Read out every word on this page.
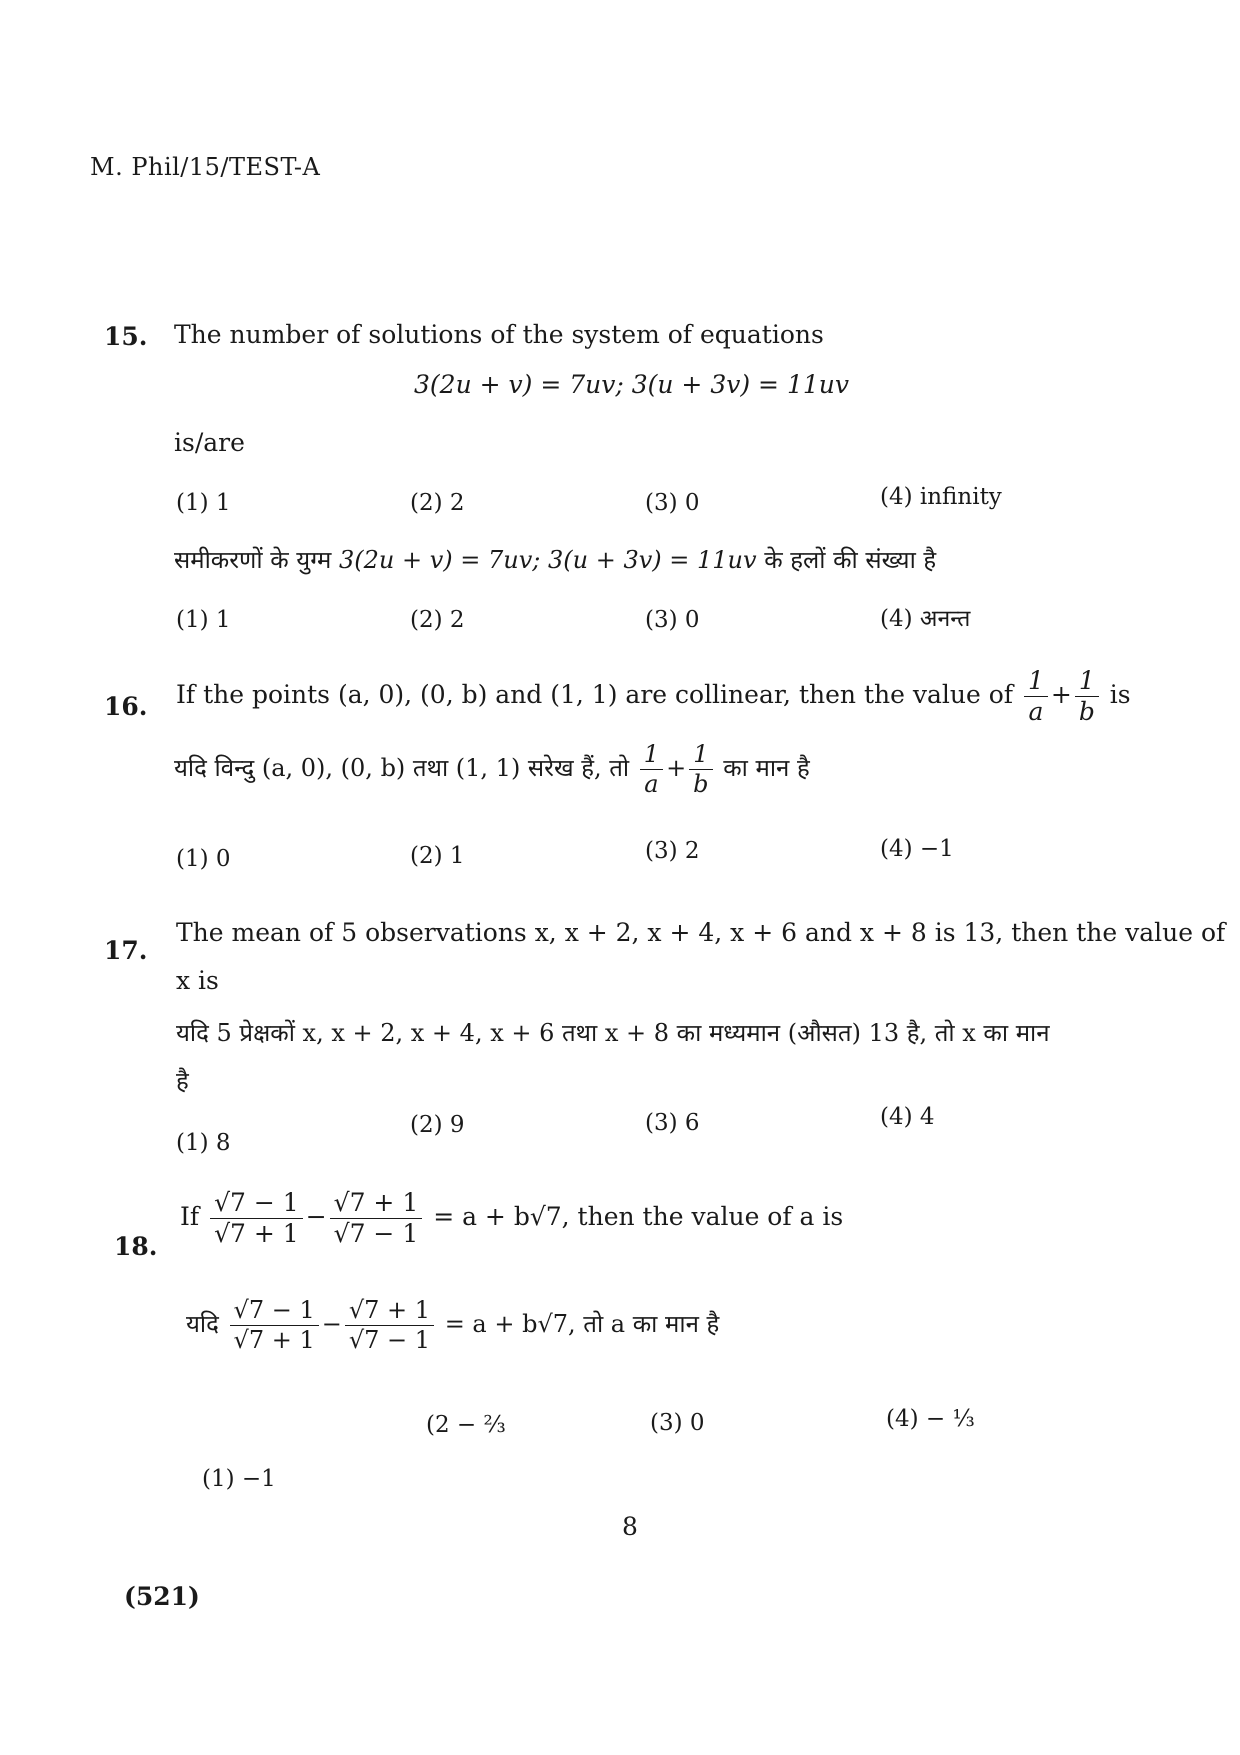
M. Phil/15/TEST-A
15. The number of solutions of the system of equations
3(2u + v) = 7uv; 3(u + 3v) = 11uv
is/are
(1) 1	(2) 2	(3) 0	(4) infinity
समीकरणों के युग्म 3(2u + v) = 7uv; 3(u + 3v) = 11uv के हलों की संख्या है
(1) 1	(2) 2	(3) 0	(4) अनन्त
16. If the points (a, 0), (0, b) and (1, 1) are collinear, then the value of $\frac{1}{a} + \frac{1}{b}$ is
यदि विन्दु (a, 0), (0, b) तथा (1, 1) सरेख हैं, तो $\frac{1}{a} + \frac{1}{b}$ का मान है
(1) 0	(2) 1	(3) 2	(4) −1
17.
The mean of 5 observations x, x + 2, x + 4, x + 6 and x + 8 is 13, then the value of
x is
यदि 5 प्रेक्षकों x, x + 2, x + 4, x + 6 तथा x + 8 का मध्यमान (औसत) 13 है, तो x का मान
है
(1) 8
(2) 9	(3) 6	(4) 4
18.
If $\frac{√7 - 1}{√7 + 1} - \frac{√7 + 1}{√7 - 1} = a + b√7$, then the value of a is
यदि $\frac{√7 - 1}{√7 + 1} - \frac{√7 + 1}{√7 - 1} = a + b√7$, तो a का मान है
(2 − ⅔	(3) 0	(4) − ⅓
(1) −1
8
(521)
